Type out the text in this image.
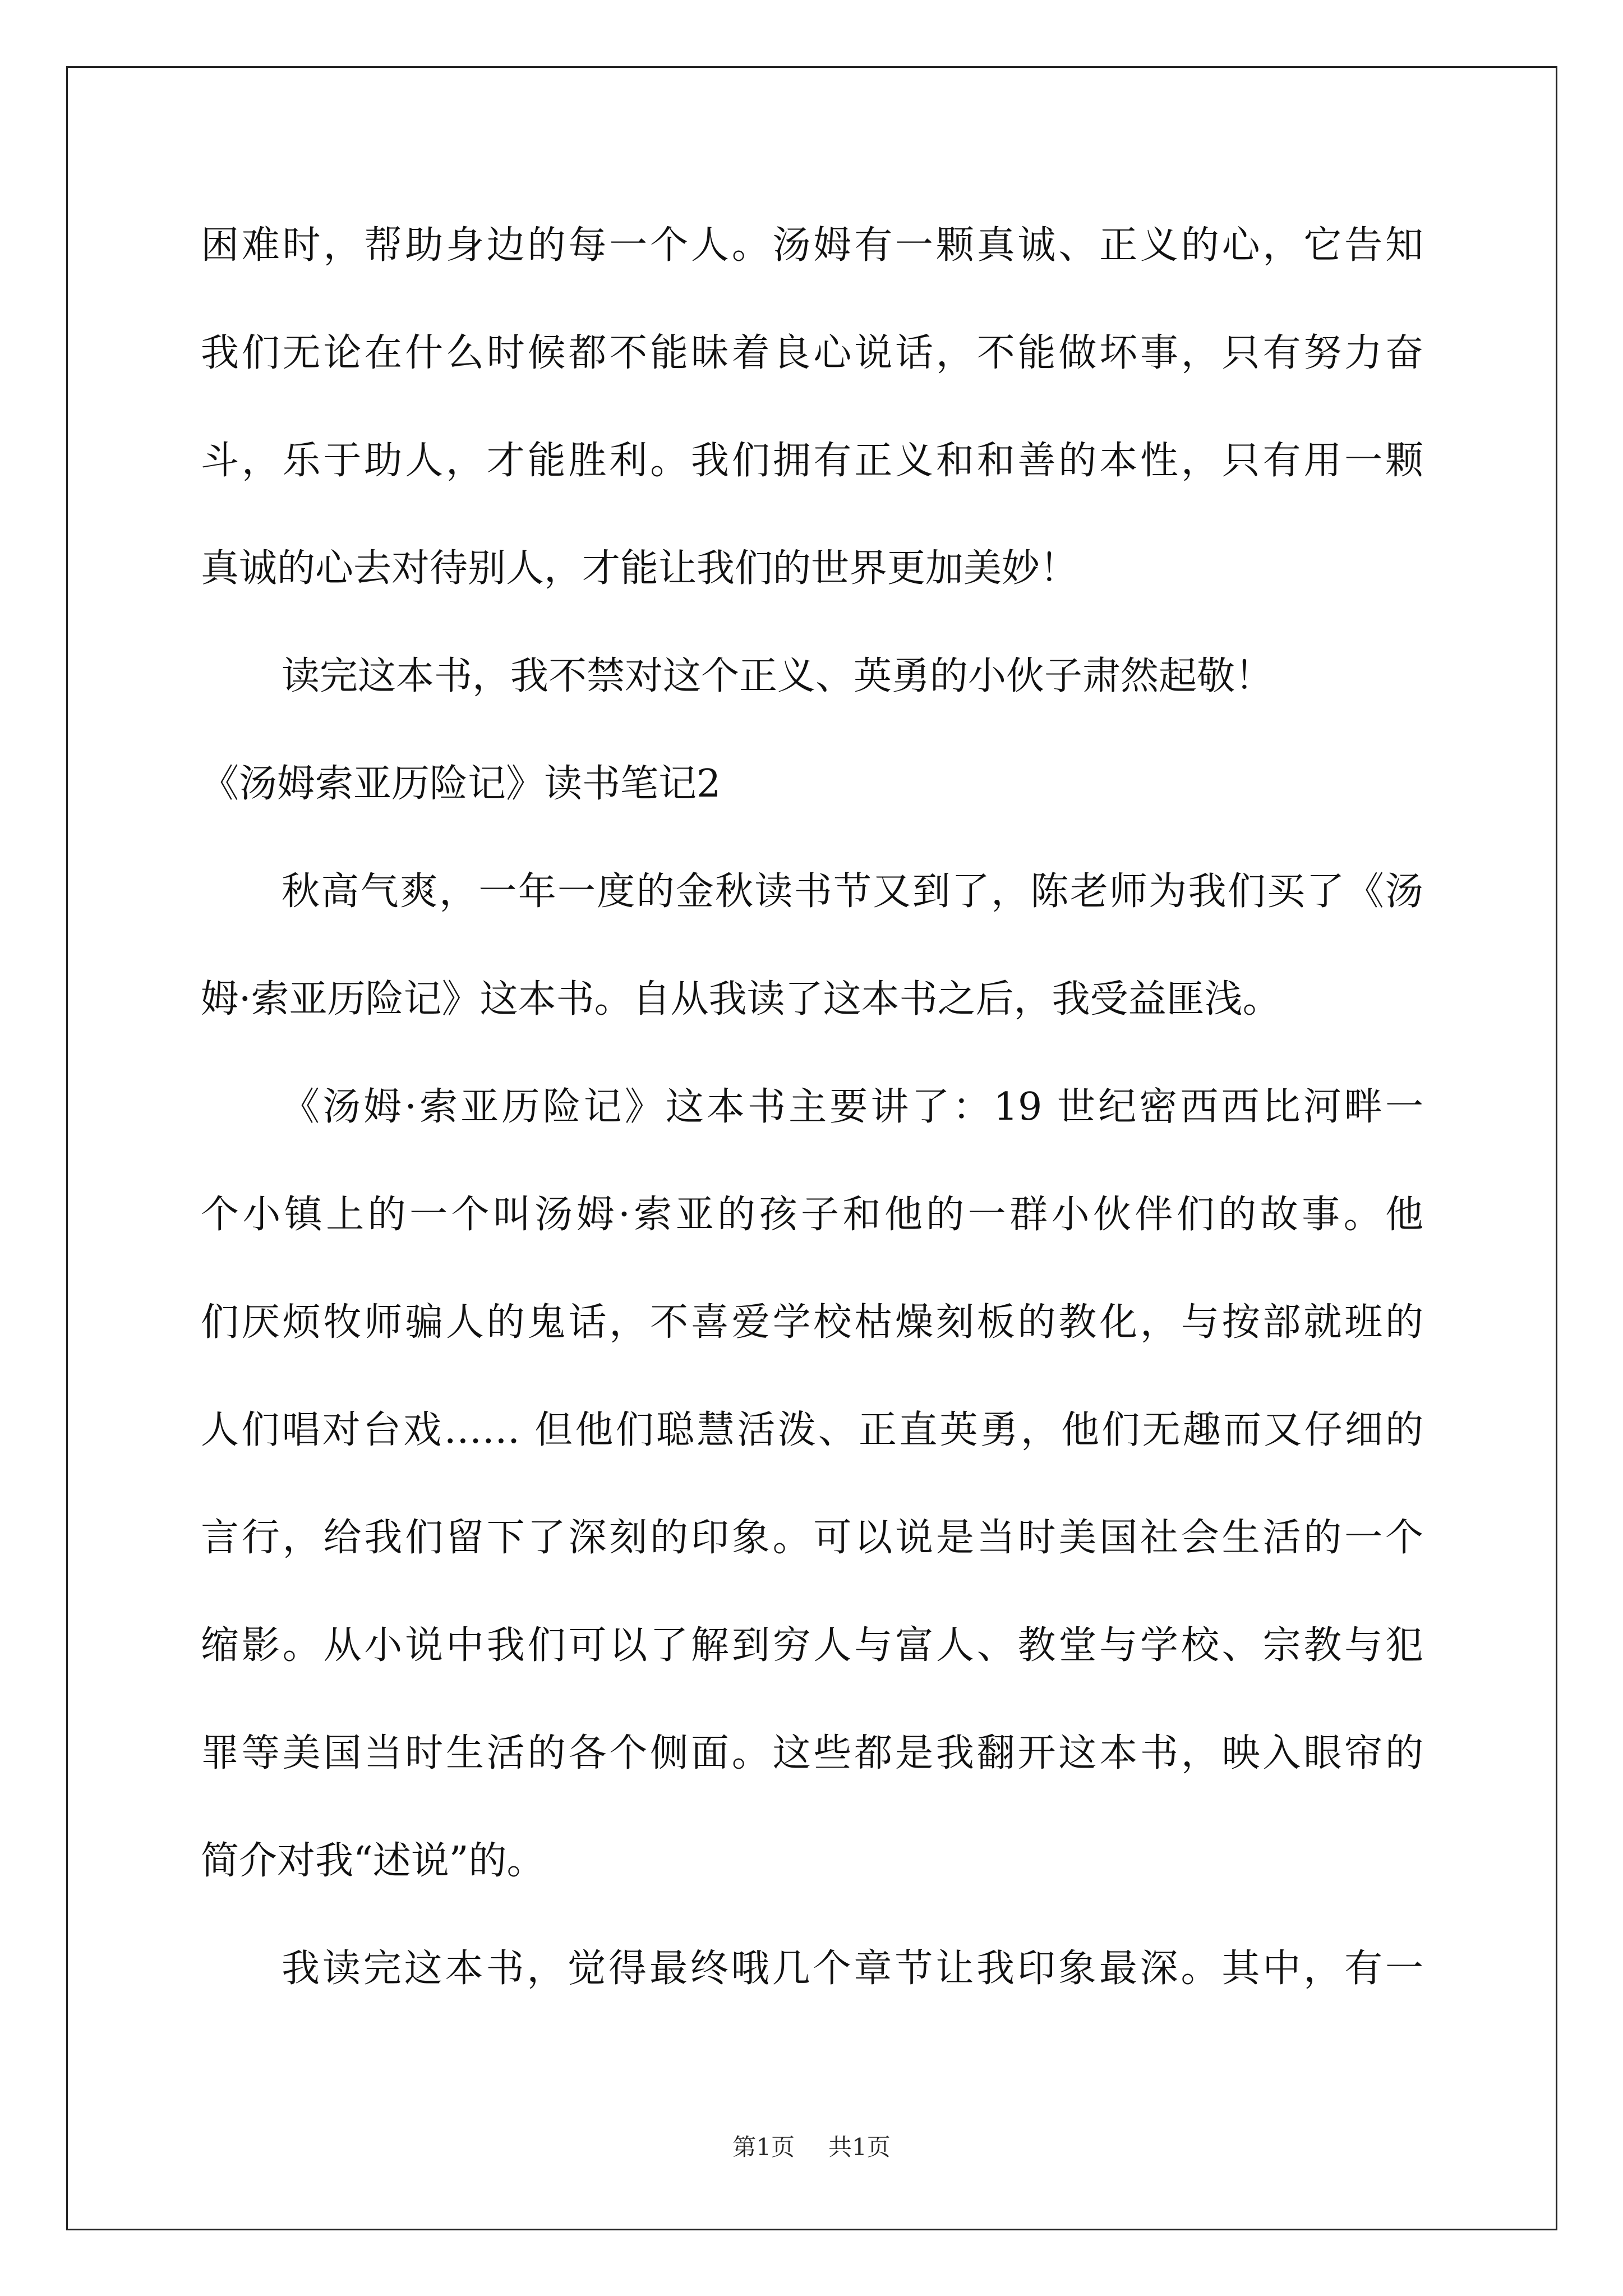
困难时，帮助身边的每一个人。汤姆有一颗真诚、正义的心，它告知
我们无论在什么时候都不能昧着良心说话，不能做坏事，只有努力奋
斗，乐于助人，才能胜利。我们拥有正义和和善的本性，只有用一颗
真诚的心去对待别人，才能让我们的世界更加美妙！
读完这本书，我不禁对这个正义、英勇的小伙子肃然起敬！
《汤姆索亚历险记》读书笔记2
秋高气爽，一年一度的金秋读书节又到了，陈老师为我们买了《汤
姆·索亚历险记》这本书。自从我读了这本书之后，我受益匪浅。
《汤姆·索亚历险记》这本书主要讲了：19 世纪密西西比河畔一
个小镇上的一个叫汤姆·索亚的孩子和他的一群小伙伴们的故事。他
们厌烦牧师骗人的鬼话，不喜爱学校枯燥刻板的教化，与按部就班的
人们唱对台戏…… 但他们聪慧活泼、正直英勇，他们无趣而又仔细的
言行，给我们留下了深刻的印象。可以说是当时美国社会生活的一个
缩影。从小说中我们可以了解到穷人与富人、教堂与学校、宗教与犯
罪等美国当时生活的各个侧面。这些都是我翻开这本书，映入眼帘的
简介对我“述说”的。
我读完这本书，觉得最终哦几个章节让我印象最深。其中，有一
第1页 共1页
